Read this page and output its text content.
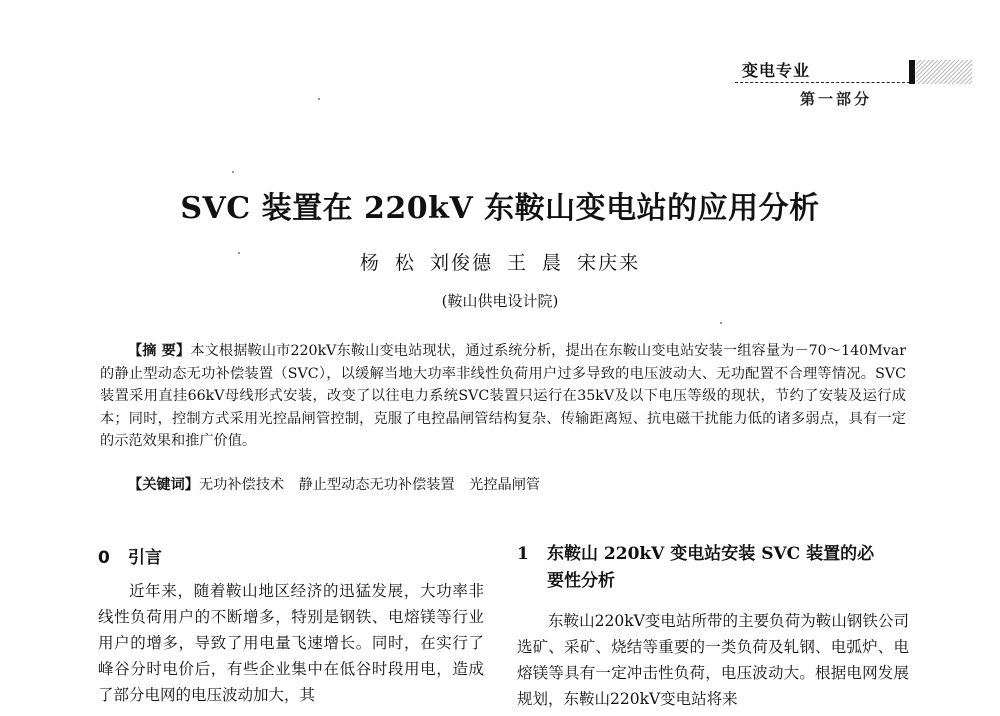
变电专业
第一部分
SVC 装置在 220kV 东鞍山变电站的应用分析
杨 松 刘俊德 王 晨 宋庆来
(鞍山供电设计院)
【摘 要】本文根据鞍山市220kV东鞍山变电站现状，通过系统分析，提出在东鞍山变电站安装一组容量为－70～140Mvar的静止型动态无功补偿装置（SVC），以缓解当地大功率非线性负荷用户过多导致的电压波动大、无功配置不合理等情况。SVC装置采用直挂66kV母线形式安装，改变了以往电力系统SVC装置只运行在35kV及以下电压等级的现状，节约了安装及运行成本；同时，控制方式采用光控晶闸管控制，克服了电控晶闸管结构复杂、传输距离短、抗电磁干扰能力低的诸多弱点，具有一定的示范效果和推广价值。
【关键词】无功补偿技术 静止型动态无功补偿装置 光控晶闸管
0 引言

近年来，随着鞍山地区经济的迅猛发展，大功率非线性负荷用户的不断增多，特别是钢铁、电熔镁等行业用户的增多，导致了用电量飞速增长。同时，在实行了峰谷分时电价后，有些企业集中在低谷时段用电，造成了部分电网的电压波动加大，其

1 东鞍山 220kV 变电站安装 SVC 装置的必
要性分析

东鞍山220kV变电站所带的主要负荷为鞍山钢铁公司选矿、采矿、烧结等重要的一类负荷及轧钢、电弧炉、电熔镁等具有一定冲击性负荷，电压波动大。根据电网发展规划，东鞍山220kV变电站将来
